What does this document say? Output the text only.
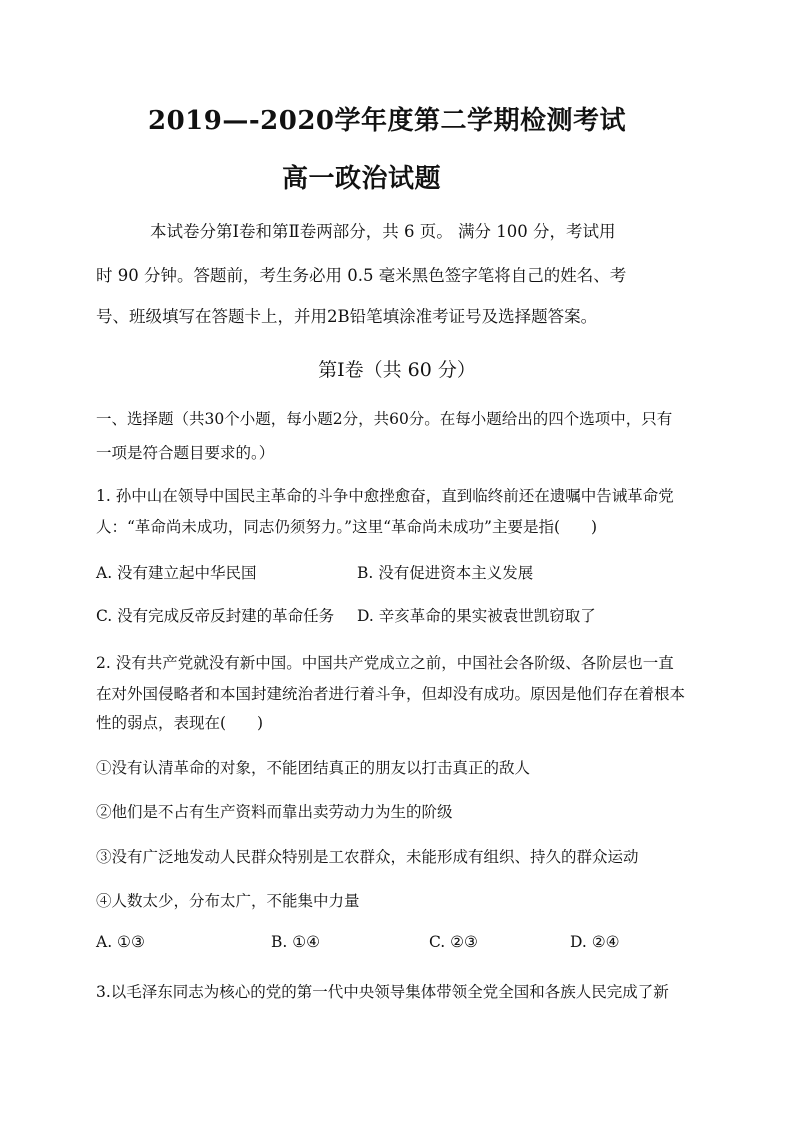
2019—-2020学年度第二学期检测考试
高一政治试题
本试卷分第Ⅰ卷和第Ⅱ卷两部分，共 6 页。 满分 100 分，考试用
时 90 分钟。答题前，考生务必用 0.5 毫米黑色签字笔将自己的姓名、考
号、班级填写在答题卡上，并用2B铅笔填涂准考证号及选择题答案。
第Ⅰ卷（共 60 分）
一、选择题（共30个小题，每小题2分，共60分。在每小题给出的四个选项中，只有
一项是符合题目要求的。）
1. 孙中山在领导中国民主革命的斗争中愈挫愈奋，直到临终前还在遗嘱中告诫革命党
人：“革命尚未成功，同志仍须努力。”这里“革命尚未成功”主要是指(　　)
A. 没有建立起中华民国	B. 没有促进资本主义发展
C. 没有完成反帝反封建的革命任务 D. 辛亥革命的果实被袁世凯窃取了
2. 没有共产党就没有新中国。中国共产党成立之前，中国社会各阶级、各阶层也一直
在对外国侵略者和本国封建统治者进行着斗争，但却没有成功。原因是他们存在着根本
性的弱点，表现在(　　)
①没有认清革命的对象，不能团结真正的朋友以打击真正的敌人
②他们是不占有生产资料而靠出卖劳动力为生的阶级
③没有广泛地发动人民群众特别是工农群众，未能形成有组织、持久的群众运动
④人数太少，分布太广，不能集中力量
A. ①③	B. ①④	C. ②③	D. ②④
3.以毛泽东同志为核心的党的第一代中央领导集体带领全党全国和各族人民完成了新
